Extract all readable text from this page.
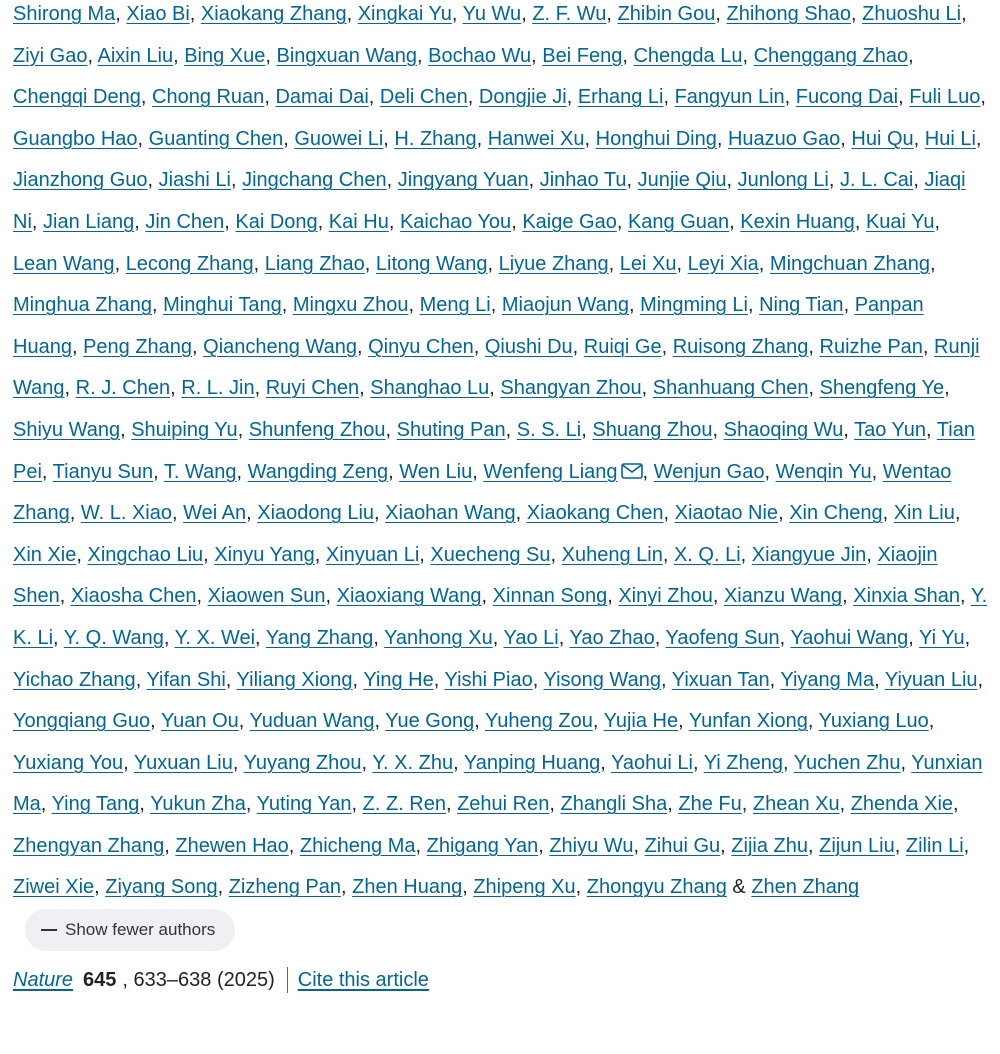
Shirong Ma, Xiao Bi, Xiaokang Zhang, Xingkai Yu, Yu Wu, Z. F. Wu, Zhibin Gou, Zhihong Shao, Zhuoshu Li, Ziyi Gao, Aixin Liu, Bing Xue, Bingxuan Wang, Bochao Wu, Bei Feng, Chengda Lu, Chenggang Zhao, Chengqi Deng, Chong Ruan, Damai Dai, Deli Chen, Dongjie Ji, Erhang Li, Fangyun Lin, Fucong Dai, Fuli Luo, Guangbo Hao, Guanting Chen, Guowei Li, H. Zhang, Hanwei Xu, Honghui Ding, Huazuo Gao, Hui Qu, Hui Li, Jianzhong Guo, Jiashi Li, Jingchang Chen, Jingyang Yuan, Jinhao Tu, Junjie Qiu, Junlong Li, J. L. Cai, Jiaqi Ni, Jian Liang, Jin Chen, Kai Dong, Kai Hu, Kaichao You, Kaige Gao, Kang Guan, Kexin Huang, Kuai Yu, Lean Wang, Lecong Zhang, Liang Zhao, Litong Wang, Liyue Zhang, Lei Xu, Leyi Xia, Mingchuan Zhang, Minghua Zhang, Minghui Tang, Mingxu Zhou, Meng Li, Miaojun Wang, Mingming Li, Ning Tian, Panpan Huang, Peng Zhang, Qiancheng Wang, Qinyu Chen, Qiushi Du, Ruiqi Ge, Ruisong Zhang, Ruizhe Pan, Runji Wang, R. J. Chen, R. L. Jin, Ruyi Chen, Shanghao Lu, Shangyan Zhou, Shanhuang Chen, Shengfeng Ye, Shiyu Wang, Shuiping Yu, Shunfeng Zhou, Shuting Pan, S. S. Li, Shuang Zhou, Shaoqing Wu, Tao Yun, Tian Pei, Tianyu Sun, T. Wang, Wangding Zeng, Wen Liu, Wenfeng Liang , Wenjun Gao, Wenqin Yu, Wentao Zhang, W. L. Xiao, Wei An, Xiaodong Liu, Xiaohan Wang, Xiaokang Chen, Xiaotao Nie, Xin Cheng, Xin Liu, Xin Xie, Xingchao Liu, Xinyu Yang, Xinyuan Li, Xuecheng Su, Xuheng Lin, X. Q. Li, Xiangyue Jin, Xiaojin Shen, Xiaosha Chen, Xiaowen Sun, Xiaoxiang Wang, Xinnan Song, Xinyi Zhou, Xianzu Wang, Xinxia Shan, Y. K. Li, Y. Q. Wang, Y. X. Wei, Yang Zhang, Yanhong Xu, Yao Li, Yao Zhao, Yaofeng Sun, Yaohui Wang, Yi Yu, Yichao Zhang, Yifan Shi, Yiliang Xiong, Ying He, Yishi Piao, Yisong Wang, Yixuan Tan, Yiyang Ma, Yiyuan Liu, Yongqiang Guo, Yuan Ou, Yuduan Wang, Yue Gong, Yuheng Zou, Yujia He, Yunfan Xiong, Yuxiang Luo, Yuxiang You, Yuxuan Liu, Yuyang Zhou, Y. X. Zhu, Yanping Huang, Yaohui Li, Yi Zheng, Yuchen Zhu, Yunxian Ma, Ying Tang, Yukun Zha, Yuting Yan, Z. Z. Ren, Zehui Ren, Zhangli Sha, Zhe Fu, Zhean Xu, Zhenda Xie, Zhengyan Zhang, Zhewen Hao, Zhicheng Ma, Zhigang Yan, Zhiyu Wu, Zihui Gu, Zijia Zhu, Zijun Liu, Zilin Li, Ziwei Xie, Ziyang Song, Zizheng Pan, Zhen Huang, Zhipeng Xu, Zhongyu Zhang & Zhen Zhang
Show fewer authors

Nature 645 , 633–638 (2025) Cite this article
